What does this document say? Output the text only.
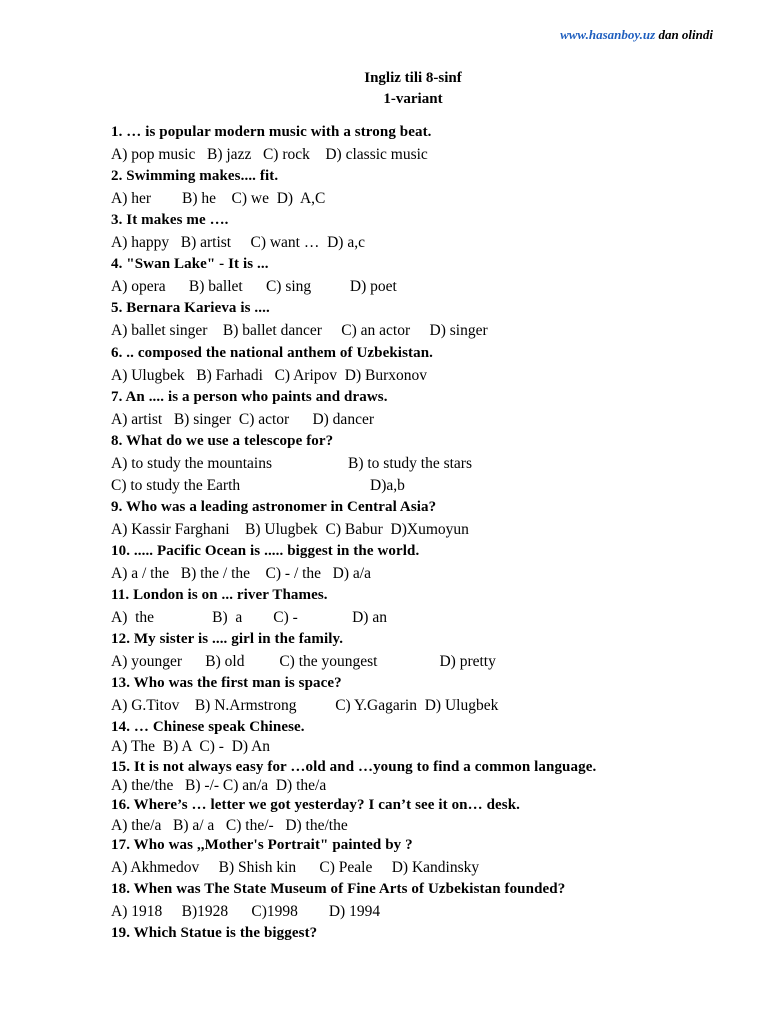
www.hasanboy.uz dan olindi
Ingliz tili 8-sinf
1-variant
1. … is popular modern music with a strong beat.
A) pop music   B) jazz   C) rock    D) classic music
2. Swimming makes.... fit.
A) her        B) he    C) we  D)  A,C
3. It makes me ….
A) happy   B) artist     C) want …  D) a,c
4. "Swan Lake" - It is ...
A) opera      B) ballet      C) sing          D) poet
5. Bernara Karieva is ....
A) ballet singer    B) ballet dancer     C) an actor     D) singer
6. .. composed the national anthem of Uzbekistan.
A) Ulugbek   B) Farhadi   C) Aripov  D) Burxonov
7. An .... is a person who paints and draws.
A) artist   B) singer  C) actor      D) dancer
8. What do we use a telescope for?
A) to study the mountains	B) to study the stars
C) to study the Earth	D)a,b
9. Who was a leading astronomer in Central Asia?
A) Kassir Farghani    B) Ulugbek  C) Babur  D)Xumoyun
10. ..... Pacific Ocean is ..... biggest in the world.
A) a / the   B) the / the    C) - / the   D) a/a
11. London is on ... river Thames.
A)  the               B)  a        C) -              D) an
12. My sister is .... girl in the family.
A) younger      B) old         C) the youngest                D) pretty
13. Who was the first man is space?
A) G.Titov    B) N.Armstrong          C) Y.Gagarin  D) Ulugbek
14. … Chinese speak Chinese.
A) The  B) A  C) -  D) An
15. It is not always easy for …old and …young to find a common language.
A) the/the   B) -/- C) an/a  D) the/a
16. Where’s … letter we got yesterday? I can’t see it on… desk.
A) the/a   B) a/ a   C) the/-   D) the/the
17. Who was ,,Mother's Portrait" painted by ?
A) Akhmedov     B) Shish kin      C) Peale     D) Kandinsky
18. When was The State Museum of Fine Arts of Uzbekistan founded?
A) 1918     B)1928      C)1998        D) 1994
19. Which Statue is the biggest?
